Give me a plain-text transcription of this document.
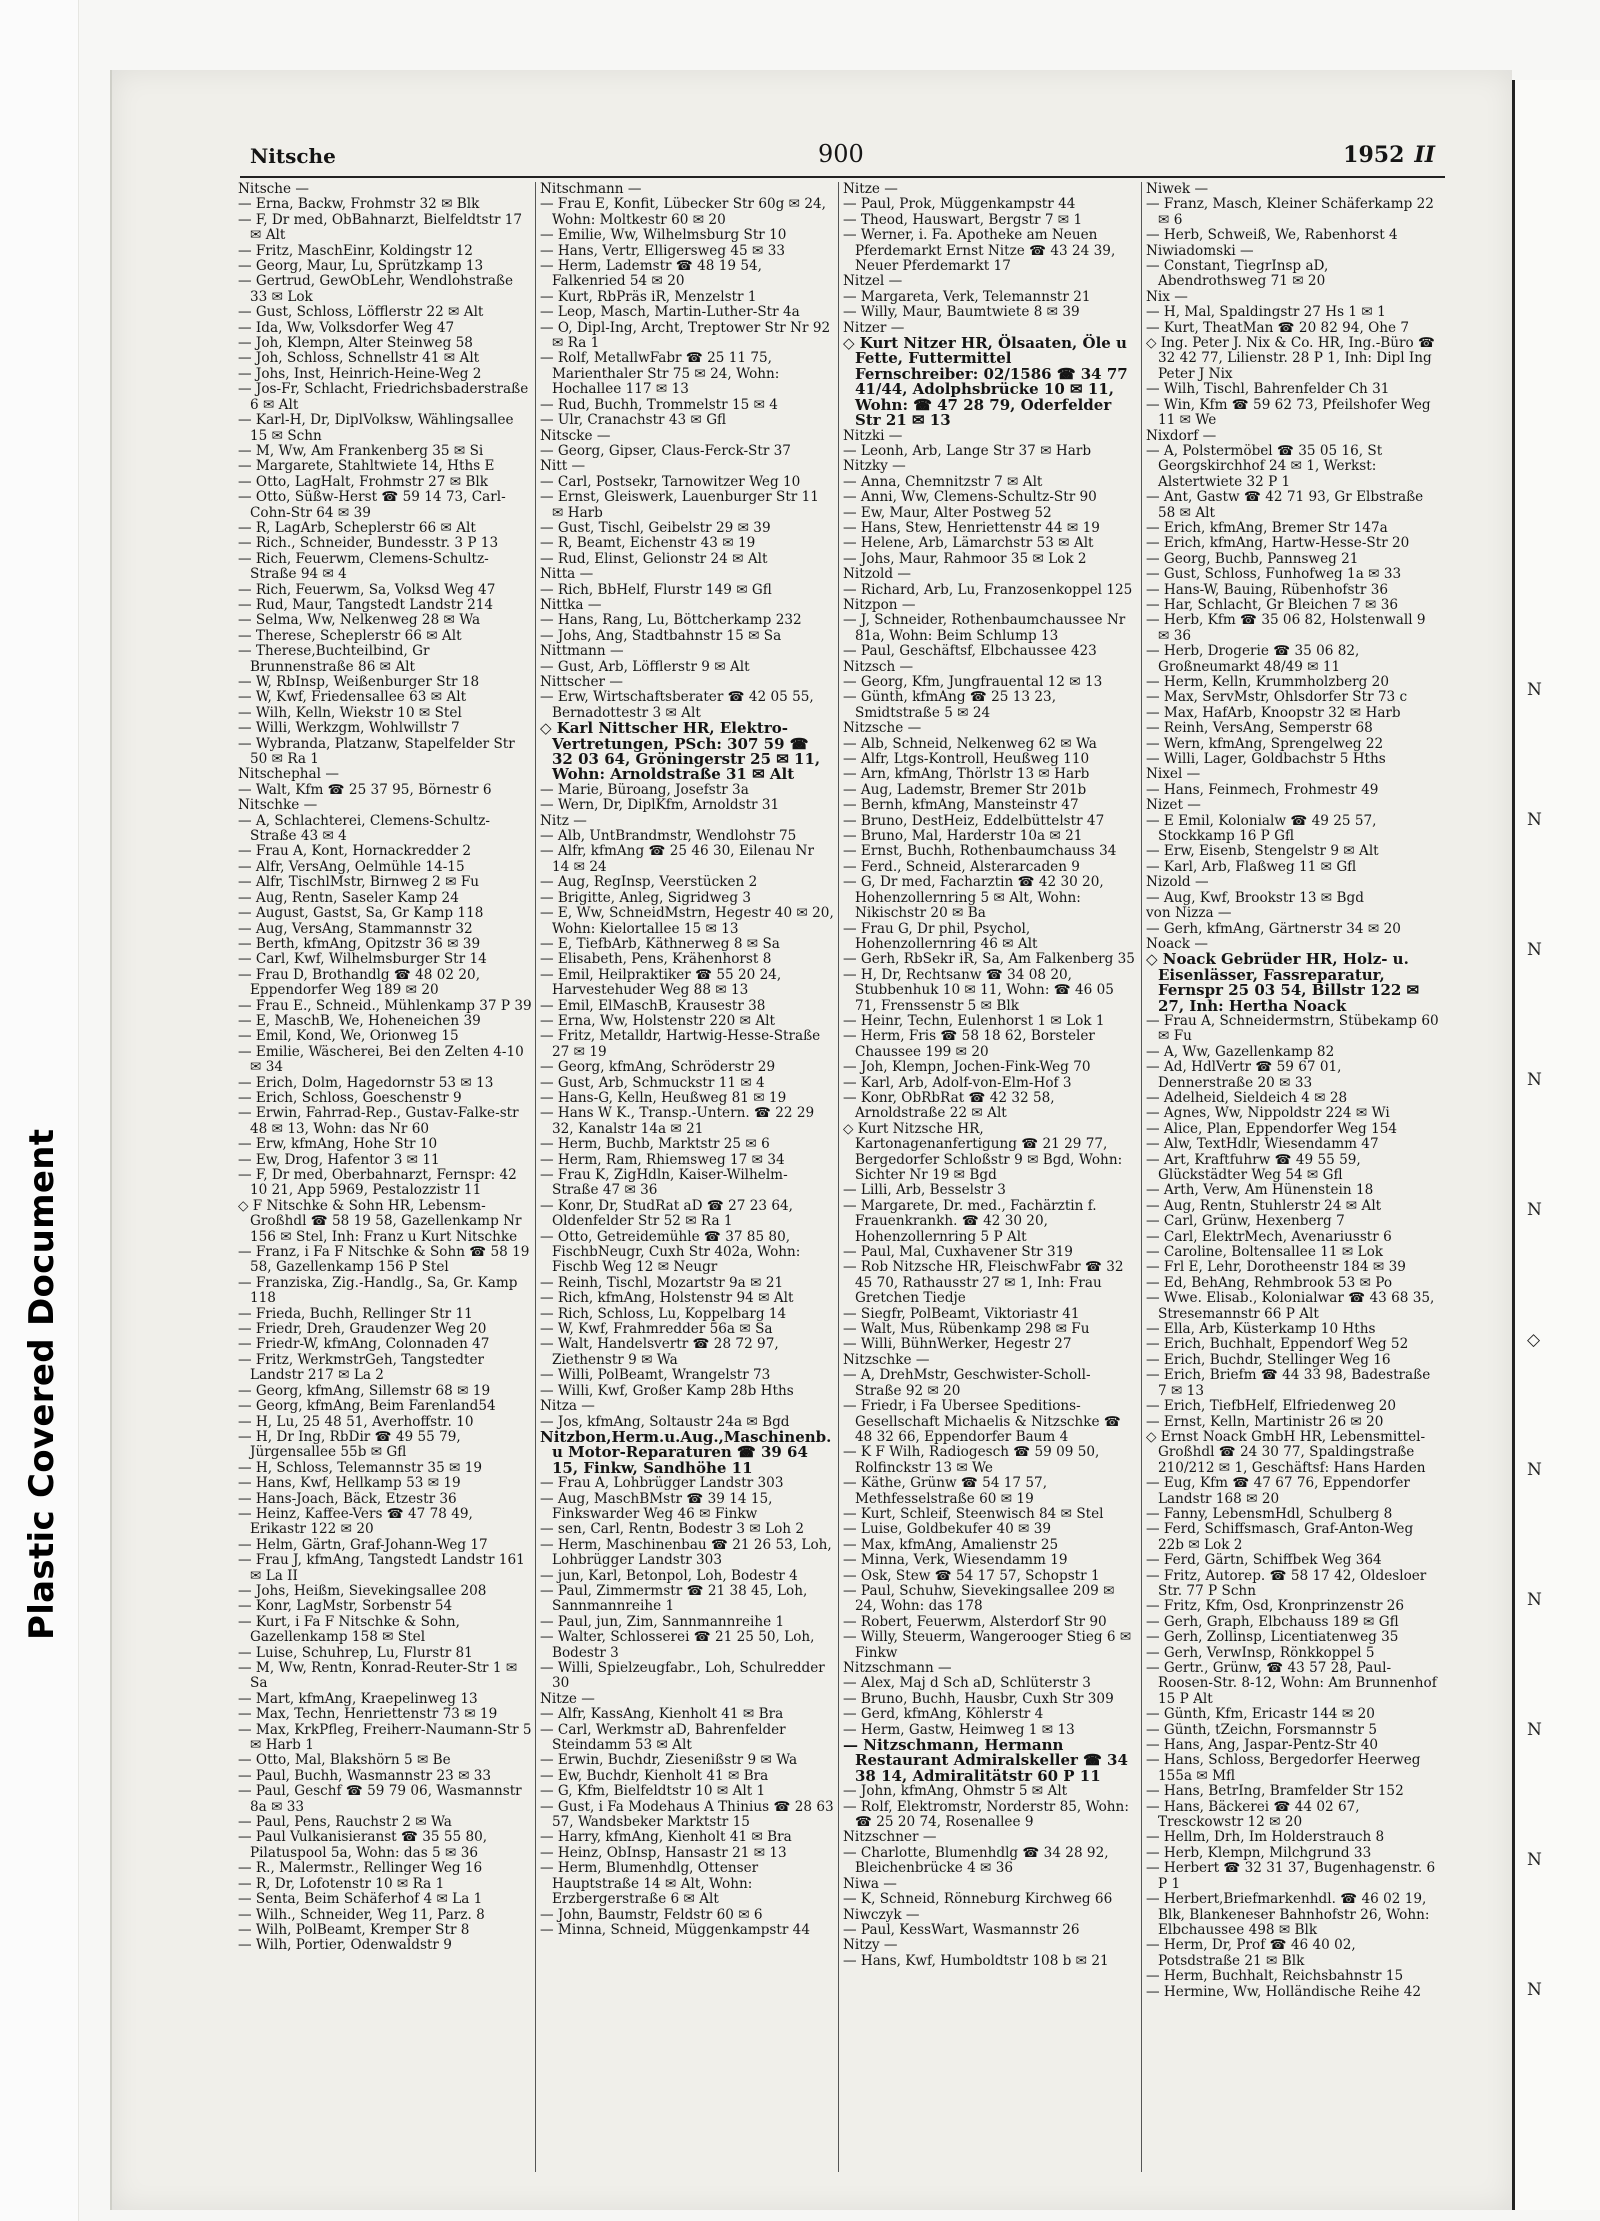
Plastic Covered Document
N
N
N
N
N
◇
N
N
N
N
N
Nitsche	900	1952 II

Nitsche —

— Erna, Backw, Frohmstr 32 ✉ Blk

— F, Dr med, ObBahnarzt, Bielfeldtstr 17 ✉ Alt

— Fritz, MaschEinr, Koldingstr 12

— Georg, Maur, Lu, Sprützkamp 13

— Gertrud, GewObLehr, Wendlohstraße 33 ✉ Lok

— Gust, Schloss, Löfflerstr 22 ✉ Alt

— Ida, Ww, Volksdorfer Weg 47

— Joh, Klempn, Alter Steinweg 58

— Joh, Schloss, Schnellstr 41 ✉ Alt

— Johs, Inst, Heinrich-Heine-Weg 2

— Jos-Fr, Schlacht, Friedrichsbaderstraße 6 ✉ Alt

— Karl-H, Dr, DiplVolksw, Wählingsallee 15 ✉ Schn

— M, Ww, Am Frankenberg 35 ✉ Si

— Margarete, Stahltwiete 14, Hths E

— Otto, LagHalt, Frohmstr 27 ✉ Blk

— Otto, Süßw-Herst ☎ 59 14 73, Carl-Cohn-Str 64 ✉ 39

— R, LagArb, Scheplerstr 66 ✉ Alt

— Rich., Schneider, Bundesstr. 3 P 13

— Rich, Feuerwm, Clemens-Schultz-Straße 94 ✉ 4

— Rich, Feuerwm, Sa, Volksd Weg 47

— Rud, Maur, Tangstedt Landstr 214

— Selma, Ww, Nelkenweg 28 ✉ Wa

— Therese, Scheplerstr 66 ✉ Alt

— Therese,Buchteilbind, Gr Brunnenstraße 86 ✉ Alt

— W, RbInsp, Weißenburger Str 18

— W, Kwf, Friedensallee 63 ✉ Alt

— Wilh, Kelln, Wiekstr 10 ✉ Stel

— Willi, Werkzgm, Wohlwillstr 7

— Wybranda, Platzanw, Stapelfelder Str 50 ✉ Ra 1

Nitschephal —

— Walt, Kfm ☎ 25 37 95, Börnestr 6

Nitschke —

— A, Schlachterei, Clemens-Schultz-Straße 43 ✉ 4

— Frau A, Kont, Hornackredder 2

— Alfr, VersAng, Oelmühle 14-15

— Alfr, TischlMstr, Birnweg 2 ✉ Fu

— Aug, Rentn, Saseler Kamp 24

— August, Gastst, Sa, Gr Kamp 118

— Aug, VersAng, Stammannstr 32

— Berth, kfmAng, Opitzstr 36 ✉ 39

— Carl, Kwf, Wilhelmsburger Str 14

— Frau D, Brothandlg ☎ 48 02 20, Eppendorfer Weg 189 ✉ 20

— Frau E., Schneid., Mühlenkamp 37 P 39

— E, MaschB, We, Hoheneichen 39

— Emil, Kond, We, Orionweg 15

— Emilie, Wäscherei, Bei den Zelten 4-10 ✉ 34

— Erich, Dolm, Hagedornstr 53 ✉ 13

— Erich, Schloss, Goeschenstr 9

— Erwin, Fahrrad-Rep., Gustav-Falke-str 48 ✉ 13, Wohn: das Nr 60

— Erw, kfmAng, Hohe Str 10

— Ew, Drog, Hafentor 3 ✉ 11

— F, Dr med, Oberbahnarzt, Fernspr: 42 10 21, App 5969, Pestalozzistr 11

◇ F Nitschke & Sohn HR, Lebensm-Großhdl ☎ 58 19 58, Gazellenkamp Nr 156 ✉ Stel, Inh: Franz u Kurt Nitschke

— Franz, i Fa F Nitschke & Sohn ☎ 58 19 58, Gazellenkamp 156 P Stel

— Franziska, Zig.-Handlg., Sa, Gr. Kamp 118

— Frieda, Buchh, Rellinger Str 11

— Friedr, Dreh, Graudenzer Weg 20

— Friedr-W, kfmAng, Colonnaden 47

— Fritz, WerkmstrGeh, Tangstedter Landstr 217 ✉ La 2

— Georg, kfmAng, Sillemstr 68 ✉ 19

— Georg, kfmAng, Beim Farenland54

— H, Lu, 25 48 51, Averhoffstr. 10

— H, Dr Ing, RbDir ☎ 49 55 79, Jürgensallee 55b ✉ Gfl

— H, Schloss, Telemannstr 35 ✉ 19

— Hans, Kwf, Hellkamp 53 ✉ 19

— Hans-Joach, Bäck, Etzestr 36

— Heinz, Kaffee-Vers ☎ 47 78 49, Erikastr 122 ✉ 20

— Helm, Gärtn, Graf-Johann-Weg 17

— Frau J, kfmAng, Tangstedt Landstr 161 ✉ La II

— Johs, Heißm, Sievekingsallee 208

— Konr, LagMstr, Sorbenstr 54

— Kurt, i Fa F Nitschke & Sohn, Gazellenkamp 158 ✉ Stel

— Luise, Schuhrep, Lu, Flurstr 81

— M, Ww, Rentn, Konrad-Reuter-Str 1 ✉ Sa

— Mart, kfmAng, Kraepelinweg 13

— Max, Techn, Henriettenstr 73 ✉ 19

— Max, KrkPfleg, Freiherr-Naumann-Str 5 ✉ Harb 1

— Otto, Mal, Blakshörn 5 ✉ Be

— Paul, Buchh, Wasmannstr 23 ✉ 33

— Paul, Geschf ☎ 59 79 06, Wasmannstr 8a ✉ 33

— Paul, Pens, Rauchstr 2 ✉ Wa

— Paul Vulkanisieranst ☎ 35 55 80, Pilatuspool 5a, Wohn: das 5 ✉ 36

— R., Malermstr., Rellinger Weg 16

— R, Dr, Lofotenstr 10 ✉ Ra 1

— Senta, Beim Schäferhof 4 ✉ La 1

— Wilh., Schneider, Weg 11, Parz. 8

— Wilh, PolBeamt, Kremper Str 8

— Wilh, Portier, Odenwaldstr 9

Nitschmann —

— Frau E, Konfit, Lübecker Str 60g ✉ 24, Wohn: Moltkestr 60 ✉ 20

— Emilie, Ww, Wilhelmsburg Str 10

— Hans, Vertr, Elligersweg 45 ✉ 33

— Herm, Lademstr ☎ 48 19 54, Falkenried 54 ✉ 20

— Kurt, RbPräs iR, Menzelstr 1

— Leop, Masch, Martin-Luther-Str 4a

— O, Dipl-Ing, Archt, Treptower Str Nr 92 ✉ Ra 1

— Rolf, MetallwFabr ☎ 25 11 75, Marienthaler Str 75 ✉ 24, Wohn: Hochallee 117 ✉ 13

— Rud, Buchh, Trommelstr 15 ✉ 4

— Ulr, Cranachstr 43 ✉ Gfl

Nitscke —

— Georg, Gipser, Claus-Ferck-Str 37

Nitt —

— Carl, Postsekr, Tarnowitzer Weg 10

— Ernst, Gleiswerk, Lauenburger Str 11 ✉ Harb

— Gust, Tischl, Geibelstr 29 ✉ 39

— R, Beamt, Eichenstr 43 ✉ 19

— Rud, Elinst, Gelionstr 24 ✉ Alt

Nitta —

— Rich, BbHelf, Flurstr 149 ✉ Gfl

Nittka —

— Hans, Rang, Lu, Böttcherkamp 232

— Johs, Ang, Stadtbahnstr 15 ✉ Sa

Nittmann —

— Gust, Arb, Löfflerstr 9 ✉ Alt

Nittscher —

— Erw, Wirtschaftsberater ☎ 42 05 55, Bernadottestr 3 ✉ Alt

◇ Karl Nittscher HR, Elektro-Vertretungen, PSch: 307 59 ☎ 32 03 64, Gröningerstr 25 ✉ 11, Wohn: Arnoldstraße 31 ✉ Alt

— Marie, Büroang, Josefstr 3a

— Wern, Dr, DiplKfm, Arnoldstr 31

Nitz —

— Alb, UntBrandmstr, Wendlohstr 75

— Alfr, kfmAng ☎ 25 46 30, Eilenau Nr 14 ✉ 24

— Aug, RegInsp, Veerstücken 2

— Brigitte, Anleg, Sigridweg 3

— E, Ww, SchneidMstrn, Hegestr 40 ✉ 20, Wohn: Kielortallee 15 ✉ 13

— E, TiefbArb, Käthnerweg 8 ✉ Sa

— Elisabeth, Pens, Krähenhorst 8

— Emil, Heilpraktiker ☎ 55 20 24, Harvestehuder Weg 88 ✉ 13

— Emil, ElMaschB, Krausestr 38

— Erna, Ww, Holstenstr 220 ✉ Alt

— Fritz, Metalldr, Hartwig-Hesse-Straße 27 ✉ 19

— Georg, kfmAng, Schröderstr 29

— Gust, Arb, Schmuckstr 11 ✉ 4

— Hans-G, Kelln, Heußweg 81 ✉ 19

— Hans W K., Transp.-Untern. ☎ 22 29 32, Kanalstr 14a ✉ 21

— Herm, Buchb, Marktstr 25 ✉ 6

— Herm, Ram, Rhiemsweg 17 ✉ 34

— Frau K, ZigHdln, Kaiser-Wilhelm-Straße 47 ✉ 36

— Konr, Dr, StudRat aD ☎ 27 23 64, Oldenfelder Str 52 ✉ Ra 1

— Otto, Getreidemühle ☎ 37 85 80, FischbNeugr, Cuxh Str 402a, Wohn: Fischb Weg 12 ✉ Neugr

— Reinh, Tischl, Mozartstr 9a ✉ 21

— Rich, kfmAng, Holstenstr 94 ✉ Alt

— Rich, Schloss, Lu, Koppelbarg 14

— W, Kwf, Frahmredder 56a ✉ Sa

— Walt, Handelsvertr ☎ 28 72 97, Ziethenstr 9 ✉ Wa

— Willi, PolBeamt, Wrangelstr 73

— Willi, Kwf, Großer Kamp 28b Hths

Nitza —

— Jos, kfmAng, Soltaustr 24a ✉ Bgd

Nitzbon,Herm.u.Aug.,Maschinenb. u Motor-Reparaturen ☎ 39 64 15, Finkw, Sandhöhe 11

— Frau A, Lohbrügger Landstr 303

— Aug, MaschBMstr ☎ 39 14 15, Finkswarder Weg 46 ✉ Finkw

— sen, Carl, Rentn, Bodestr 3 ✉ Loh 2

— Herm, Maschinenbau ☎ 21 26 53, Loh, Lohbrügger Landstr 303

— jun, Karl, Betonpol, Loh, Bodestr 4

— Paul, Zimmermstr ☎ 21 38 45, Loh, Sannmannreihe 1

— Paul, jun, Zim, Sannmannreihe 1

— Walter, Schlosserei ☎ 21 25 50, Loh, Bodestr 3

— Willi, Spielzeugfabr., Loh, Schulredder 30

Nitze —

— Alfr, KassAng, Kienholt 41 ✉ Bra

— Carl, Werkmstr aD, Bahrenfelder Steindamm 53 ✉ Alt

— Erwin, Buchdr, Ziesenißstr 9 ✉ Wa

— Ew, Buchdr, Kienholt 41 ✉ Bra

— G, Kfm, Bielfeldtstr 10 ✉ Alt 1

— Gust, i Fa Modehaus A Thinius ☎ 28 63 57, Wandsbeker Marktstr 15

— Harry, kfmAng, Kienholt 41 ✉ Bra

— Heinz, ObInsp, Hansastr 21 ✉ 13

— Herm, Blumenhdlg, Ottenser Hauptstraße 14 ✉ Alt, Wohn: Erzbergerstraße 6 ✉ Alt

— John, Baumstr, Feldstr 60 ✉ 6

— Minna, Schneid, Müggenkampstr 44

Nitze —

— Paul, Prok, Müggenkampstr 44

— Theod, Hauswart, Bergstr 7 ✉ 1

— Werner, i. Fa. Apotheke am Neuen Pferdemarkt Ernst Nitze ☎ 43 24 39, Neuer Pferdemarkt 17

Nitzel —

— Margareta, Verk, Telemannstr 21

— Willy, Maur, Baumtwiete 8 ✉ 39

Nitzer —

◇ Kurt Nitzer HR, Ölsaaten, Öle u Fette, Futtermittel Fernschreiber: 02/1586 ☎ 34 77 41/44, Adolphsbrücke 10 ✉ 11, Wohn: ☎ 47 28 79, Oderfelder Str 21 ✉ 13

Nitzki —

— Leonh, Arb, Lange Str 37 ✉ Harb

Nitzky —

— Anna, Chemnitzstr 7 ✉ Alt

— Anni, Ww, Clemens-Schultz-Str 90

— Ew, Maur, Alter Postweg 52

— Hans, Stew, Henriettenstr 44 ✉ 19

— Helene, Arb, Lämarchstr 53 ✉ Alt

— Johs, Maur, Rahmoor 35 ✉ Lok 2

Nitzold —

— Richard, Arb, Lu, Franzosenkoppel 125

Nitzpon —

— J, Schneider, Rothenbaumchaussee Nr 81a, Wohn: Beim Schlump 13

— Paul, Geschäftsf, Elbchaussee 423

Nitzsch —

— Georg, Kfm, Jungfrauental 12 ✉ 13

— Günth, kfmAng ☎ 25 13 23, Smidtstraße 5 ✉ 24

Nitzsche —

— Alb, Schneid, Nelkenweg 62 ✉ Wa

— Alfr, Ltgs-Kontroll, Heußweg 110

— Arn, kfmAng, Thörlstr 13 ✉ Harb

— Aug, Lademstr, Bremer Str 201b

— Bernh, kfmAng, Mansteinstr 47

— Bruno, DestHeiz, Eddelbüttelstr 47

— Bruno, Mal, Harderstr 10a ✉ 21

— Ernst, Buchh, Rothenbaumchauss 34

— Ferd., Schneid, Alsterarcaden 9

— G, Dr med, Facharztin ☎ 42 30 20, Hohenzollernring 5 ✉ Alt, Wohn: Nikischstr 20 ✉ Ba

— Frau G, Dr phil, Psychol, Hohenzollernring 46 ✉ Alt

— Gerh, RbSekr iR, Sa, Am Falkenberg 35

— H, Dr, Rechtsanw ☎ 34 08 20, Stubbenhuk 10 ✉ 11, Wohn: ☎ 46 05 71, Frenssenstr 5 ✉ Blk

— Heinr, Techn, Eulenhorst 1 ✉ Lok 1

— Herm, Fris ☎ 58 18 62, Borsteler Chaussee 199 ✉ 20

— Joh, Klempn, Jochen-Fink-Weg 70

— Karl, Arb, Adolf-von-Elm-Hof 3

— Konr, ObRbRat ☎ 42 32 58, Arnoldstraße 22 ✉ Alt

◇ Kurt Nitzsche HR, Kartonagenanfertigung ☎ 21 29 77, Bergedorfer Schloßstr 9 ✉ Bgd, Wohn: Sichter Nr 19 ✉ Bgd

— Lilli, Arb, Besselstr 3

— Margarete, Dr. med., Fachärztin f. Frauenkrankh. ☎ 42 30 20, Hohenzollernring 5 P Alt

— Paul, Mal, Cuxhavener Str 319

— Rob Nitzsche HR, FleischwFabr ☎ 32 45 70, Rathausstr 27 ✉ 1, Inh: Frau Gretchen Tiedje

— Siegfr, PolBeamt, Viktoriastr 41

— Walt, Mus, Rübenkamp 298 ✉ Fu

— Willi, BühnWerker, Hegestr 27

Nitzschke —

— A, DrehMstr, Geschwister-Scholl-Straße 92 ✉ 20

— Friedr, i Fa Ubersee Speditions-Gesellschaft Michaelis & Nitzschke ☎ 48 32 66, Eppendorfer Baum 4

— K F Wilh, Radiogesch ☎ 59 09 50, Rolfinckstr 13 ✉ We

— Käthe, Grünw ☎ 54 17 57, Methfesselstraße 60 ✉ 19

— Kurt, Schleif, Steenwisch 84 ✉ Stel

— Luise, Goldbekufer 40 ✉ 39

— Max, kfmAng, Amalienstr 25

— Minna, Verk, Wiesendamm 19

— Osk, Stew ☎ 54 17 57, Schopstr 1

— Paul, Schuhw, Sievekingsallee 209 ✉ 24, Wohn: das 178

— Robert, Feuerwm, Alsterdorf Str 90

— Willy, Steuerm, Wangerooger Stieg 6 ✉ Finkw

Nitzschmann —

— Alex, Maj d Sch aD, Schlüterstr 3

— Bruno, Buchh, Hausbr, Cuxh Str 309

— Gerd, kfmAng, Köhlerstr 4

— Herm, Gastw, Heimweg 1 ✉ 13

— Nitzschmann, Hermann Restaurant Admiralskeller ☎ 34 38 14, Admiralitätstr 60 P 11

— John, kfmAng, Ohmstr 5 ✉ Alt

— Rolf, Elektromstr, Norderstr 85, Wohn: ☎ 25 20 74, Rosenallee 9

Nitzschner —

— Charlotte, Blumenhdlg ☎ 34 28 92, Bleichenbrücke 4 ✉ 36

Niwa —

— K, Schneid, Rönneburg Kirchweg 66

Niwczyk —

— Paul, KessWart, Wasmannstr 26

Nitzy —

— Hans, Kwf, Humboldtstr 108 b ✉ 21

Niwek —

— Franz, Masch, Kleiner Schäferkamp 22 ✉ 6

— Herb, Schweiß, We, Rabenhorst 4

Niwiadomski —

— Constant, TiegrInsp aD, Abendrothsweg 71 ✉ 20

Nix —

— H, Mal, Spaldingstr 27 Hs 1 ✉ 1

— Kurt, TheatMan ☎ 20 82 94, Ohe 7

◇ Ing. Peter J. Nix & Co. HR, Ing.-Büro ☎ 32 42 77, Lilienstr. 28 P 1, Inh: Dipl Ing Peter J Nix

— Wilh, Tischl, Bahrenfelder Ch 31

— Win, Kfm ☎ 59 62 73, Pfeilshofer Weg 11 ✉ We

Nixdorf —

— A, Polstermöbel ☎ 35 05 16, St Georgskirchhof 24 ✉ 1, Werkst: Alstertwiete 32 P 1

— Ant, Gastw ☎ 42 71 93, Gr Elbstraße 58 ✉ Alt

— Erich, kfmAng, Bremer Str 147a

— Erich, kfmAng, Hartw-Hesse-Str 20

— Georg, Buchb, Pannsweg 21

— Gust, Schloss, Funhofweg 1a ✉ 33

— Hans-W, Bauing, Rübenhofstr 36

— Har, Schlacht, Gr Bleichen 7 ✉ 36

— Herb, Kfm ☎ 35 06 82, Holstenwall 9 ✉ 36

— Herb, Drogerie ☎ 35 06 82, Großneumarkt 48/49 ✉ 11

— Herm, Kelln, Krummholzberg 20

— Max, ServMstr, Ohlsdorfer Str 73 c

— Max, HafArb, Knoopstr 32 ✉ Harb

— Reinh, VersAng, Semperstr 68

— Wern, kfmAng, Sprengelweg 22

— Willi, Lager, Goldbachstr 5 Hths

Nixel —

— Hans, Feinmech, Frohmestr 49

Nizet —

— E Emil, Kolonialw ☎ 49 25 57, Stockkamp 16 P Gfl

— Erw, Eisenb, Stengelstr 9 ✉ Alt

— Karl, Arb, Flaßweg 11 ✉ Gfl

Nizold —

— Aug, Kwf, Brookstr 13 ✉ Bgd

von Nizza —

— Gerh, kfmAng, Gärtnerstr 34 ✉ 20

Noack —

◇ Noack Gebrüder HR, Holz- u. Eisenlässer, Fassreparatur, Fernspr 25 03 54, Billstr 122 ✉ 27, Inh: Hertha Noack

— Frau A, Schneidermstrn, Stübekamp 60 ✉ Fu

— A, Ww, Gazellenkamp 82

— Ad, HdlVertr ☎ 59 67 01, Dennerstraße 20 ✉ 33

— Adelheid, Sieldeich 4 ✉ 28

— Agnes, Ww, Nippoldstr 224 ✉ Wi

— Alice, Plan, Eppendorfer Weg 154

— Alw, TextHdlr, Wiesendamm 47

— Art, Kraftfuhrw ☎ 49 55 59, Glückstädter Weg 54 ✉ Gfl

— Arth, Verw, Am Hünenstein 18

— Aug, Rentn, Stuhlerstr 24 ✉ Alt

— Carl, Grünw, Hexenberg 7

— Carl, ElektrMech, Avenariusstr 6

— Caroline, Boltensallee 11 ✉ Lok

— Frl E, Lehr, Dorotheenstr 184 ✉ 39

— Ed, BehAng, Rehmbrook 53 ✉ Po

— Wwe. Elisab., Kolonialwar ☎ 43 68 35, Stresemannstr 66 P Alt

— Ella, Arb, Küsterkamp 10 Hths

— Erich, Buchhalt, Eppendorf Weg 52

— Erich, Buchdr, Stellinger Weg 16

— Erich, Briefm ☎ 44 33 98, Badestraße 7 ✉ 13

— Erich, TiefbHelf, Elfriedenweg 20

— Ernst, Kelln, Martinistr 26 ✉ 20

◇ Ernst Noack GmbH HR, Lebensmittel-Großhdl ☎ 24 30 77, Spaldingstraße 210/212 ✉ 1, Geschäftsf: Hans Harden

— Eug, Kfm ☎ 47 67 76, Eppendorfer Landstr 168 ✉ 20

— Fanny, LebensmHdl, Schulberg 8

— Ferd, Schiffsmasch, Graf-Anton-Weg 22b ✉ Lok 2

— Ferd, Gärtn, Schiffbek Weg 364

— Fritz, Autorep. ☎ 58 17 42, Oldesloer Str. 77 P Schn

— Fritz, Kfm, Osd, Kronprinzenstr 26

— Gerh, Graph, Elbchauss 189 ✉ Gfl

— Gerh, Zollinsp, Licentiatenweg 35

— Gerh, VerwInsp, Rönkkoppel 5

— Gertr., Grünw, ☎ 43 57 28, Paul-Roosen-Str. 8-12, Wohn: Am Brunnenhof 15 P Alt

— Günth, Kfm, Ericastr 144 ✉ 20

— Günth, tZeichn, Forsmannstr 5

— Hans, Ang, Jaspar-Pentz-Str 40

— Hans, Schloss, Bergedorfer Heerweg 155a ✉ Mfl

— Hans, BetrIng, Bramfelder Str 152

— Hans, Bäckerei ☎ 44 02 67, Tresckowstr 12 ✉ 20

— Hellm, Drh, Im Holderstrauch 8

— Herb, Klempn, Milchgrund 33

— Herbert ☎ 32 31 37, Bugenhagenstr. 6 P 1

— Herbert,Briefmarkenhdl. ☎ 46 02 19, Blk, Blankeneser Bahnhofstr 26, Wohn: Elbchaussee 498 ✉ Blk

— Herm, Dr, Prof ☎ 46 40 02, Potsdstraße 21 ✉ Blk

— Herm, Buchhalt, Reichsbahnstr 15

— Hermine, Ww, Holländische Reihe 42
